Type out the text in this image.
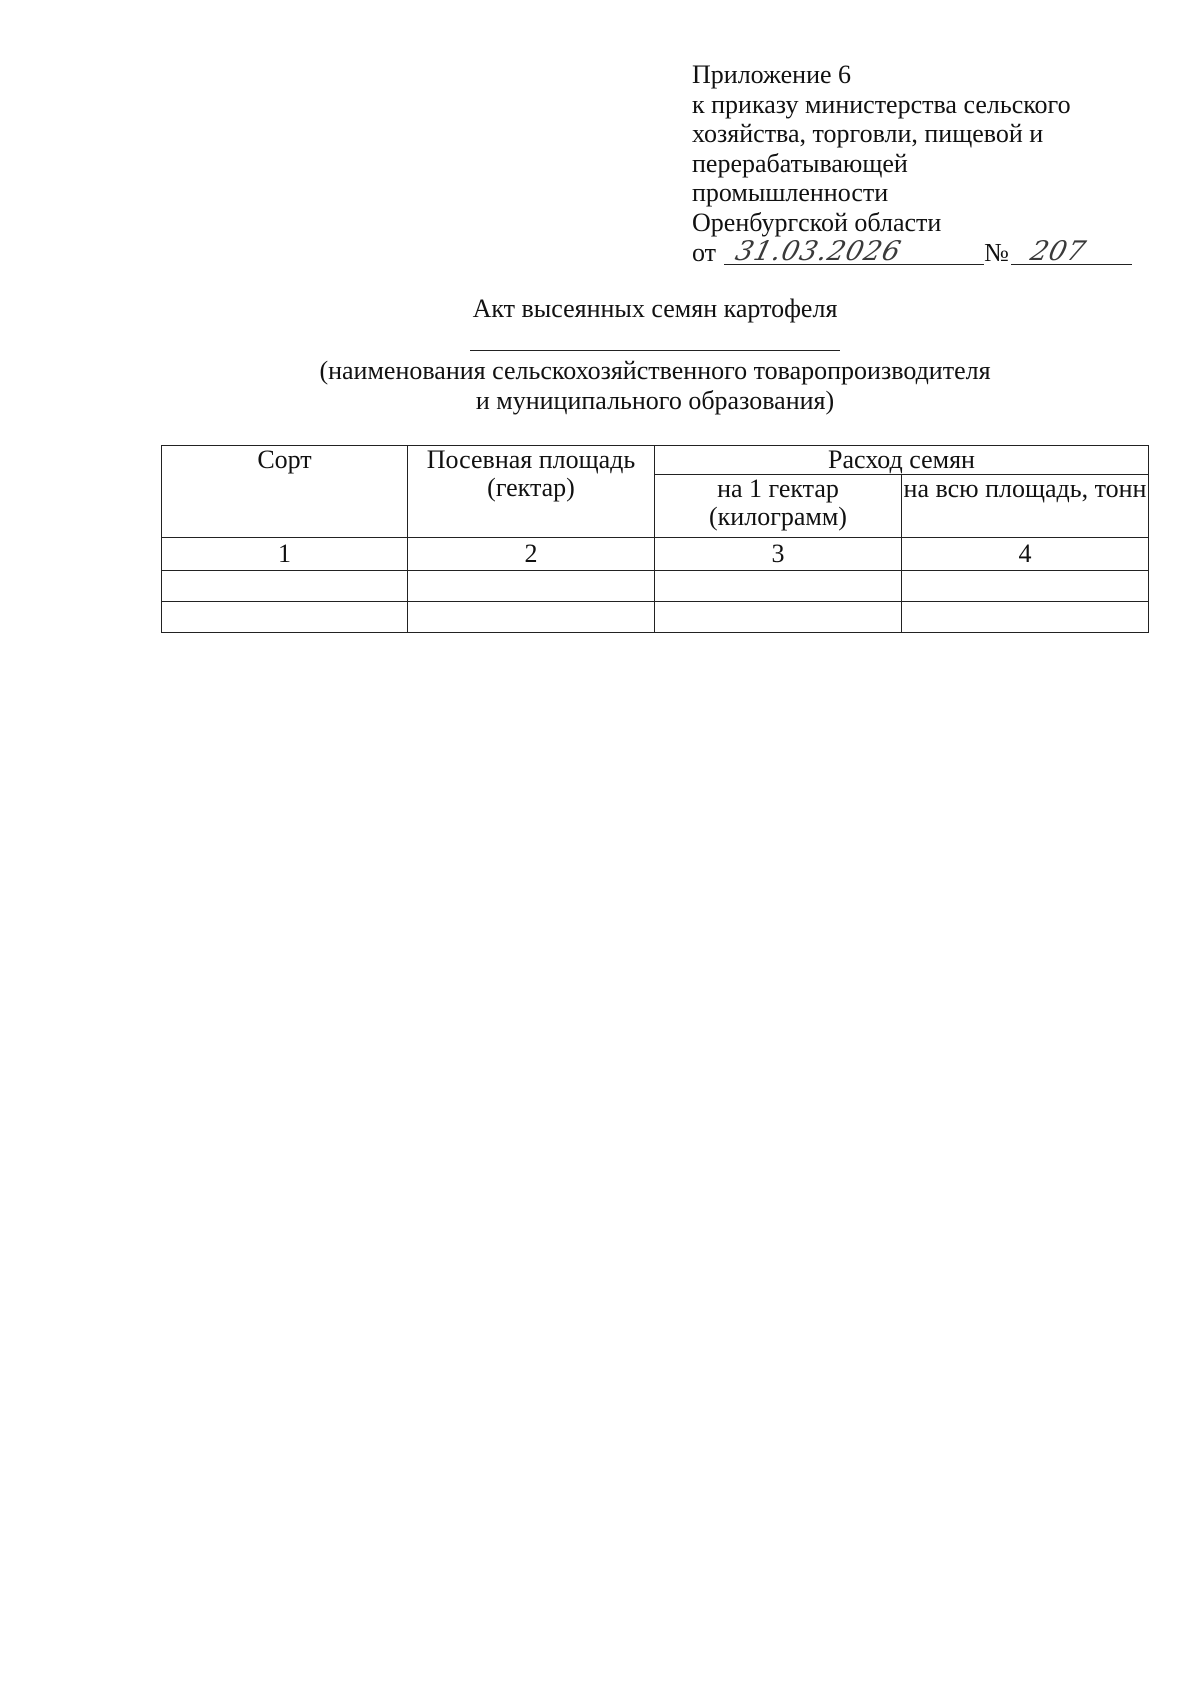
Приложение 6
к приказу министерства сельского
хозяйства, торговли, пищевой и
перерабатывающей
промышленности
Оренбургской области
от 31.03.2026	№ 207
Акт высеянных семян картофеля
(наименования сельскохозяйственного товаропроизводителя
и муниципального образования)
Сорт	Посевная площадь (гектар)	Расход семян	
		на 1 гектар (килограмм)	на всю площадь, тонн
1	2	3	4
